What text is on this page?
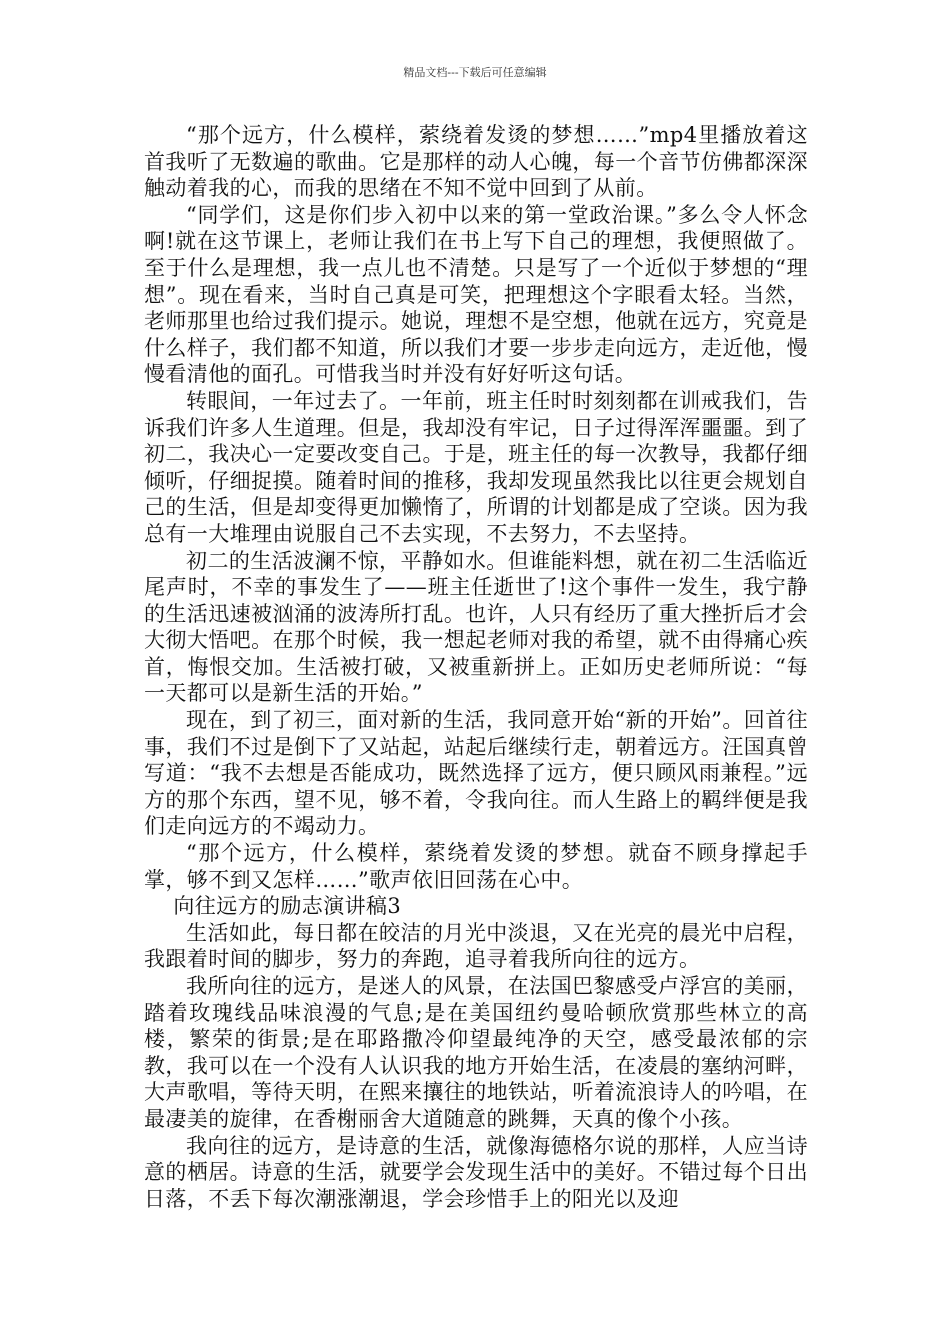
精品文档---下载后可任意编辑

“那个远方，什么模样，萦绕着发烫的梦想……”mp4里播放着这首我听了无数遍的歌曲。它是那样的动人心魄，每一个音节仿佛都深深触动着我的心，而我的思绪在不知不觉中回到了从前。

“同学们，这是你们步入初中以来的第一堂政治课。”多么令人怀念啊!就在这节课上，老师让我们在书上写下自己的理想，我便照做了。至于什么是理想，我一点儿也不清楚。只是写了一个近似于梦想的“理想”。现在看来，当时自己真是可笑，把理想这个字眼看太轻。当然，老师那里也给过我们提示。她说，理想不是空想，他就在远方，究竟是什么样子，我们都不知道，所以我们才要一步步走向远方，走近他，慢慢看清他的面孔。可惜我当时并没有好好听这句话。

转眼间，一年过去了。一年前，班主任时时刻刻都在训戒我们，告诉我们许多人生道理。但是，我却没有牢记，日子过得浑浑噩噩。到了初二，我决心一定要改变自己。于是，班主任的每一次教导，我都仔细倾听，仔细捉摸。随着时间的推移，我却发现虽然我比以往更会规划自己的生活，但是却变得更加懒惰了，所谓的计划都是成了空谈。因为我总有一大堆理由说服自己不去实现，不去努力，不去坚持。

初二的生活波澜不惊，平静如水。但谁能料想，就在初二生活临近尾声时，不幸的事发生了——班主任逝世了!这个事件一发生，我宁静的生活迅速被汹涌的波涛所打乱。也许，人只有经历了重大挫折后才会大彻大悟吧。在那个时候，我一想起老师对我的希望，就不由得痛心疾首，悔恨交加。生活被打破，又被重新拼上。正如历史老师所说：“每一天都可以是新生活的开始。”

现在，到了初三，面对新的生活，我同意开始“新的开始”。回首往事，我们不过是倒下了又站起，站起后继续行走，朝着远方。汪国真曾写道：“我不去想是否能成功，既然选择了远方，便只顾风雨兼程。”远方的那个东西，望不见，够不着，令我向往。而人生路上的羁绊便是我们走向远方的不竭动力。

“那个远方，什么模样，萦绕着发烫的梦想。就奋不顾身撑起手掌，够不到又怎样……”歌声依旧回荡在心中。

向往远方的励志演讲稿3

生活如此，每日都在皎洁的月光中淡退，又在光亮的晨光中启程，我跟着时间的脚步，努力的奔跑，追寻着我所向往的远方。

我所向往的远方，是迷人的风景，在法国巴黎感受卢浮宫的美丽，踏着玫瑰线品味浪漫的气息;是在美国纽约曼哈顿欣赏那些林立的高楼，繁荣的街景;是在耶路撒冷仰望最纯净的天空，感受最浓郁的宗教，我可以在一个没有人认识我的地方开始生活，在凌晨的塞纳河畔，大声歌唱，等待天明，在熙来攘往的地铁站，听着流浪诗人的吟唱，在最凄美的旋律，在香榭丽舍大道随意的跳舞，天真的像个小孩。

我向往的远方，是诗意的生活，就像海德格尔说的那样，人应当诗意的栖居。诗意的生活，就要学会发现生活中的美好。不错过每个日出日落，不丢下每次潮涨潮退，学会珍惜手上的阳光以及迎
